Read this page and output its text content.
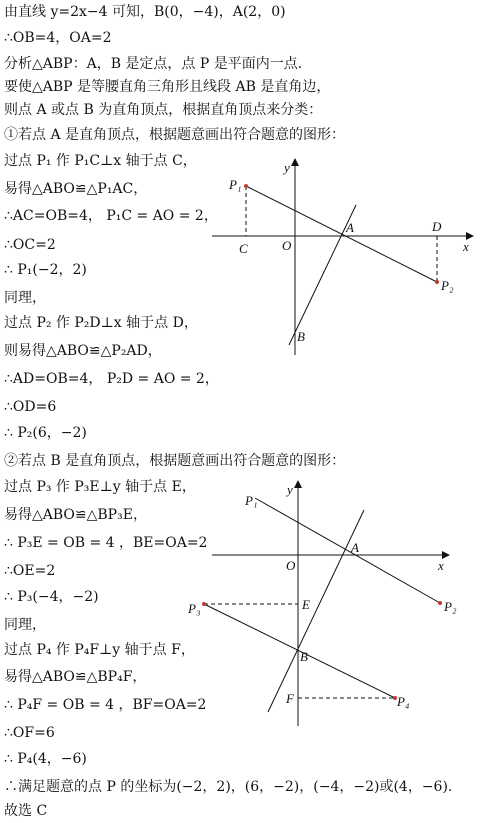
由直线 y=2x−4 可知，B(0，−4)，A(2，0)
∴OB=4，OA=2
分析△ABP：A，B 是定点，点 P 是平面内一点．
要使△ABP 是等腰直角三角形且线段 AB 是直角边，
则点 A 或点 B 为直角顶点，根据直角顶点来分类：
①若点 A 是直角顶点，根据题意画出符合题意的图形：
过点 P₁ 作 P₁C⊥x 轴于点 C，
易得△ABO≌△P₁AC，
∴AC=OB=4， P₁C = AO = 2，
∴OC=2
∴ P₁(−2，2)
同理，
过点 P₂ 作 P₂D⊥x 轴于点 D，
则易得△ABO≌△P₂AD，
∴AD=OB=4， P₂D = AO = 2，
∴OD=6
∴ P₂(6，−2)
②若点 B 是直角顶点，根据题意画出符合题意的图形：
过点 P₃ 作 P₃E⊥y 轴于点 E，
易得△ABO≌△BP₃E，
∴ P₃E = OB = 4 ，BE=OA=2
∴OE=2
∴ P₃(−4，−2)
同理，
过点 P₄ 作 P₄F⊥y 轴于点 F，
易得△ABO≌△BP₄F，
∴ P₄F = OB = 4 ，BF=OA=2
∴OF=6
∴ P₄(4，−6)
∴满足题意的点 P 的坐标为(−2，2)，(6，−2)，(−4，−2)或(4，−6).
故选 C
y
x
P₁
C	O
A	D
P₂
B
y
x
P₁
O
A
P₂
P₃	E
B
F	P₄
